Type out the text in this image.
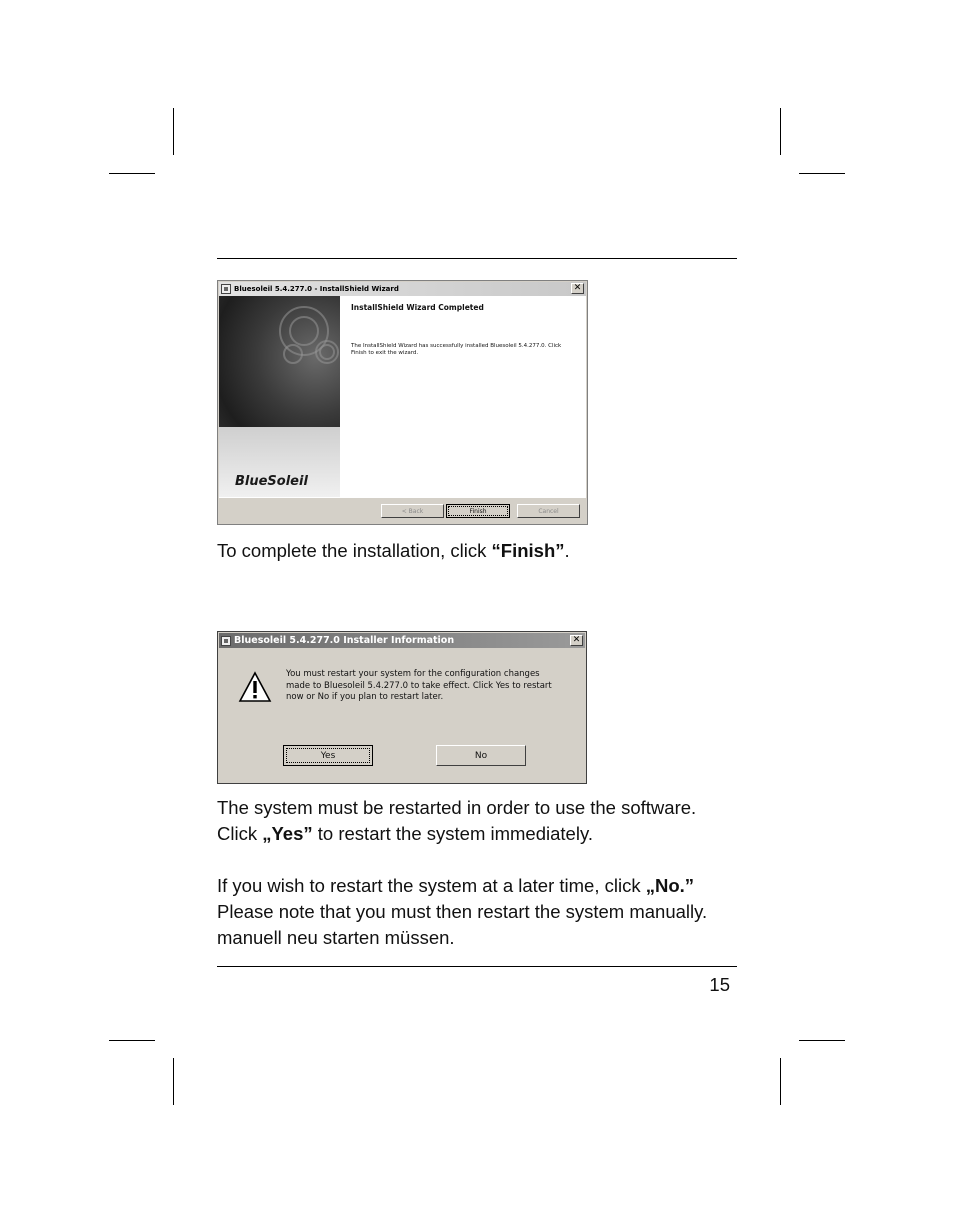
Bluesoleil 5.4.277.0 - InstallShield Wizard	✕
BlueSoleil
InstallShield Wizard Completed
The InstallShield Wizard has successfully installed Bluesoleil 5.4.277.0. Click Finish to exit the wizard.
< Back	Finish	Cancel
To complete the installation, click “Finish”.
Bluesoleil 5.4.277.0 Installer Information	✕
You must restart your system for the configuration changes made to Bluesoleil 5.4.277.0 to take effect. Click Yes to restart now or No if you plan to restart later.
Yes	No
The system must be restarted in order to use the software.
Click „Yes” to restart the system immediately.
If you wish to restart the system at a later time, click „No.”
Please note that you must then restart the system manually.
manuell neu starten müssen.
15
